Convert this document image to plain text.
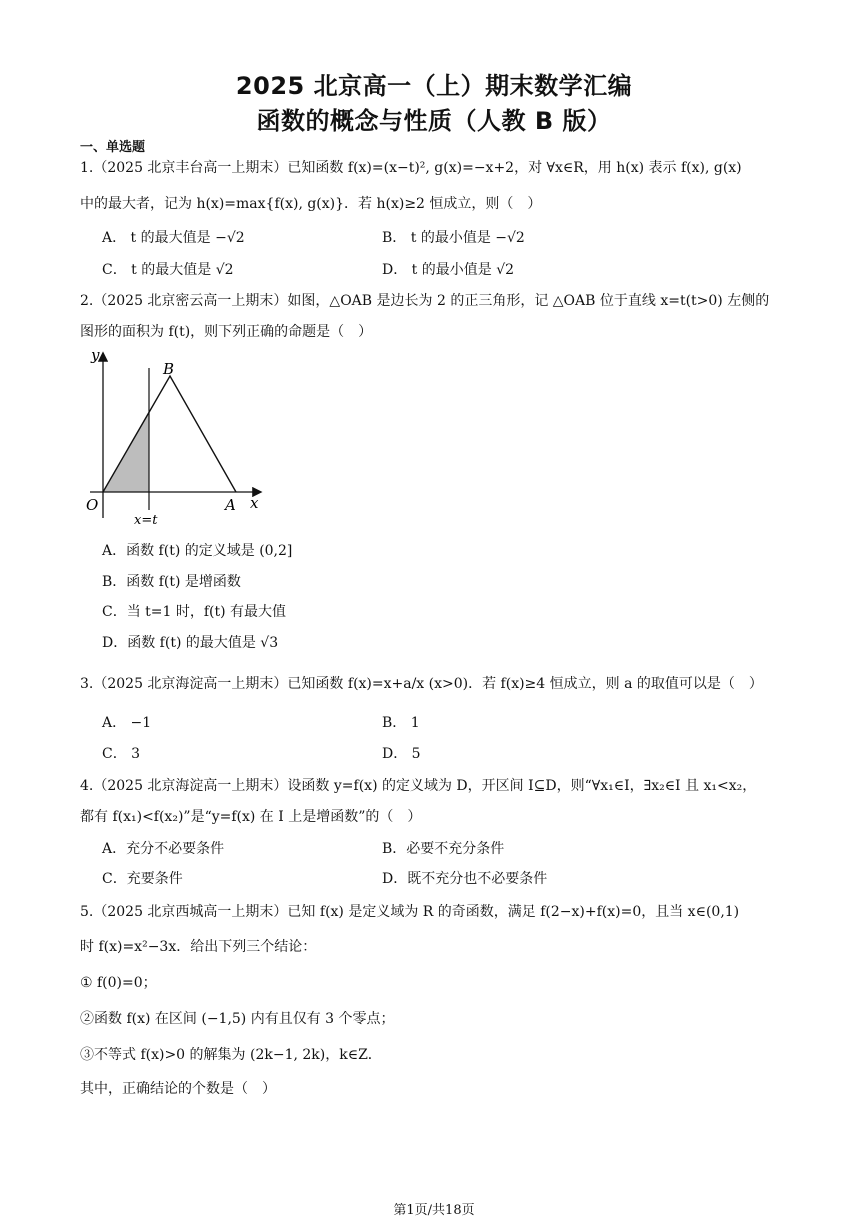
2025 北京高一（上）期末数学汇编
函数的概念与性质（人教 B 版）
一、单选题
1.（2025 北京丰台高一上期末）已知函数 f(x)=(x−t)², g(x)=−x+2，对 ∀x∈R，用 h(x) 表示 f(x), g(x)
中的最大者，记为 h(x)=max{f(x), g(x)}．若 h(x)≥2 恒成立，则（　）
A． t 的最大值是 −√2	B． t 的最小值是 −√2
C． t 的最大值是 √2	D． t 的最小值是 √2
2.（2025 北京密云高一上期末）如图，△OAB 是边长为 2 的正三角形，记 △OAB 位于直线 x=t(t>0) 左侧的
图形的面积为 f(t)，则下列正确的命题是（　）
y
x
O	A
B
x=t
A．函数 f(t) 的定义域是 (0,2]
B．函数 f(t) 是增函数
C．当 t=1 时，f(t) 有最大值
D．函数 f(t) 的最大值是 √3
3.（2025 北京海淀高一上期末）已知函数 f(x)=x+a/x (x>0)．若 f(x)≥4 恒成立，则 a 的取值可以是（　）
A． −1	B． 1
C． 3	D． 5
4.（2025 北京海淀高一上期末）设函数 y=f(x) 的定义域为 D，开区间 I⊆D，则“∀x₁∈I，∃x₂∈I 且 x₁<x₂，
都有 f(x₁)<f(x₂)”是“y=f(x) 在 I 上是增函数”的（　）
A．充分不必要条件	B．必要不充分条件
C．充要条件	D．既不充分也不必要条件
5.（2025 北京西城高一上期末）已知 f(x) 是定义域为 R 的奇函数，满足 f(2−x)+f(x)=0，且当 x∈(0,1)
时 f(x)=x²−3x．给出下列三个结论：
① f(0)=0；
②函数 f(x) 在区间 (−1,5) 内有且仅有 3 个零点；
③不等式 f(x)>0 的解集为 (2k−1, 2k)，k∈Z．
其中，正确结论的个数是（　）
第1页/共18页
